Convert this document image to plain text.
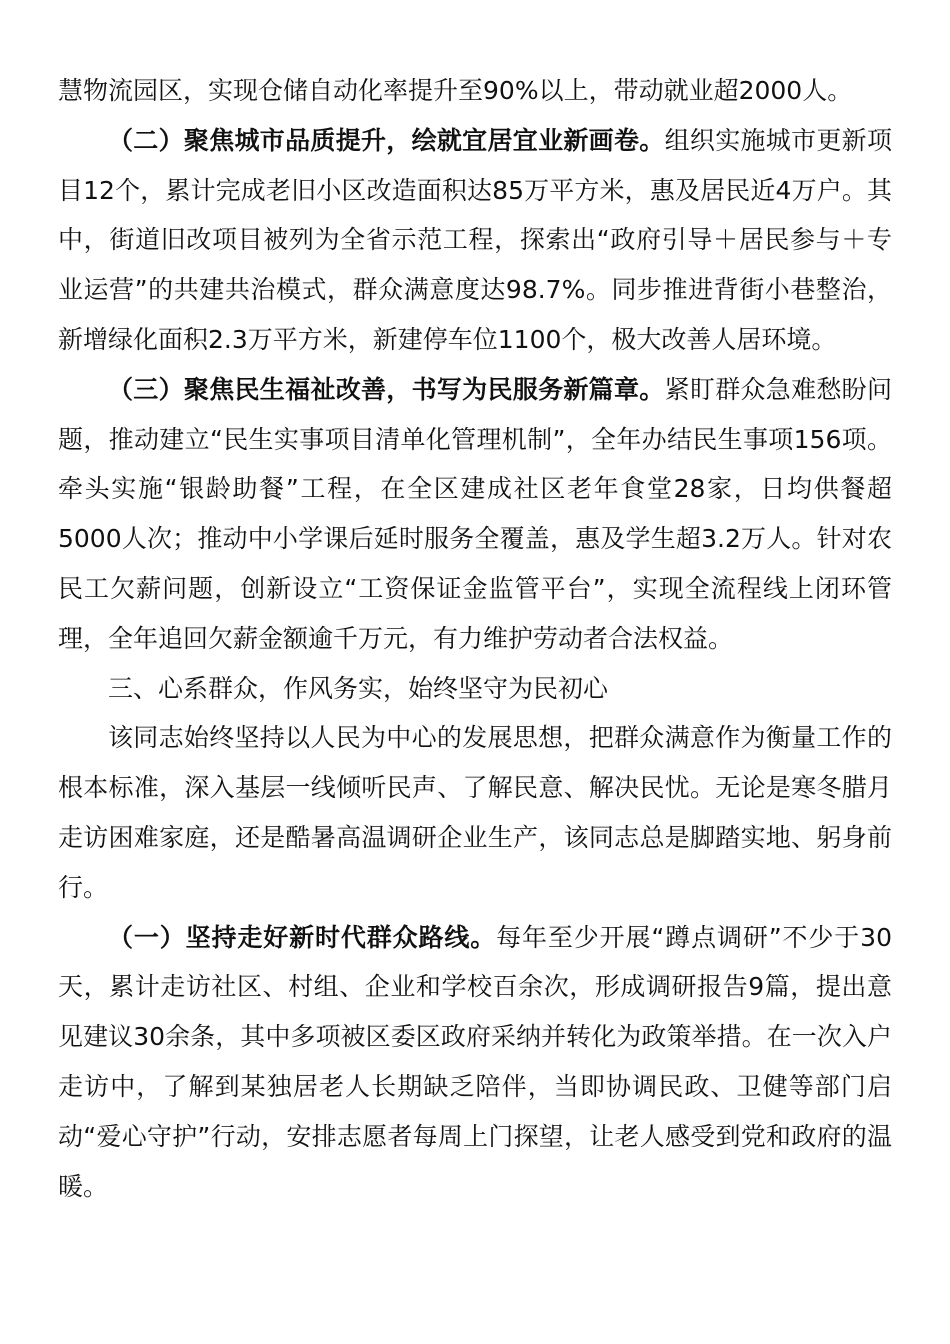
慧物流园区，实现仓储自动化率提升至90%以上，带动就业超2000人。

（二）聚焦城市品质提升，绘就宜居宜业新画卷。组织实施城市更新项目12个，累计完成老旧小区改造面积达85万平方米，惠及居民近4万户。其中，街道旧改项目被列为全省示范工程，探索出“政府引导＋居民参与＋专业运营”的共建共治模式，群众满意度达98.7%。同步推进背街小巷整治，新增绿化面积2.3万平方米，新建停车位1100个，极大改善人居环境。

（三）聚焦民生福祉改善，书写为民服务新篇章。紧盯群众急难愁盼问题，推动建立“民生实事项目清单化管理机制”，全年办结民生事项156项。牵头实施“银龄助餐”工程，在全区建成社区老年食堂28家，日均供餐超5000人次；推动中小学课后延时服务全覆盖，惠及学生超3.2万人。针对农民工欠薪问题，创新设立“工资保证金监管平台”，实现全流程线上闭环管理，全年追回欠薪金额逾千万元，有力维护劳动者合法权益。

三、心系群众，作风务实，始终坚守为民初心

该同志始终坚持以人民为中心的发展思想，把群众满意作为衡量工作的根本标准，深入基层一线倾听民声、了解民意、解决民忧。无论是寒冬腊月走访困难家庭，还是酷暑高温调研企业生产，该同志总是脚踏实地、躬身前行。

（一）坚持走好新时代群众路线。每年至少开展“蹲点调研”不少于30天，累计走访社区、村组、企业和学校百余次，形成调研报告9篇，提出意见建议30余条，其中多项被区委区政府采纳并转化为政策举措。在一次入户走访中，了解到某独居老人长期缺乏陪伴，当即协调民政、卫健等部门启动“爱心守护”行动，安排志愿者每周上门探望，让老人感受到党和政府的温暖。
